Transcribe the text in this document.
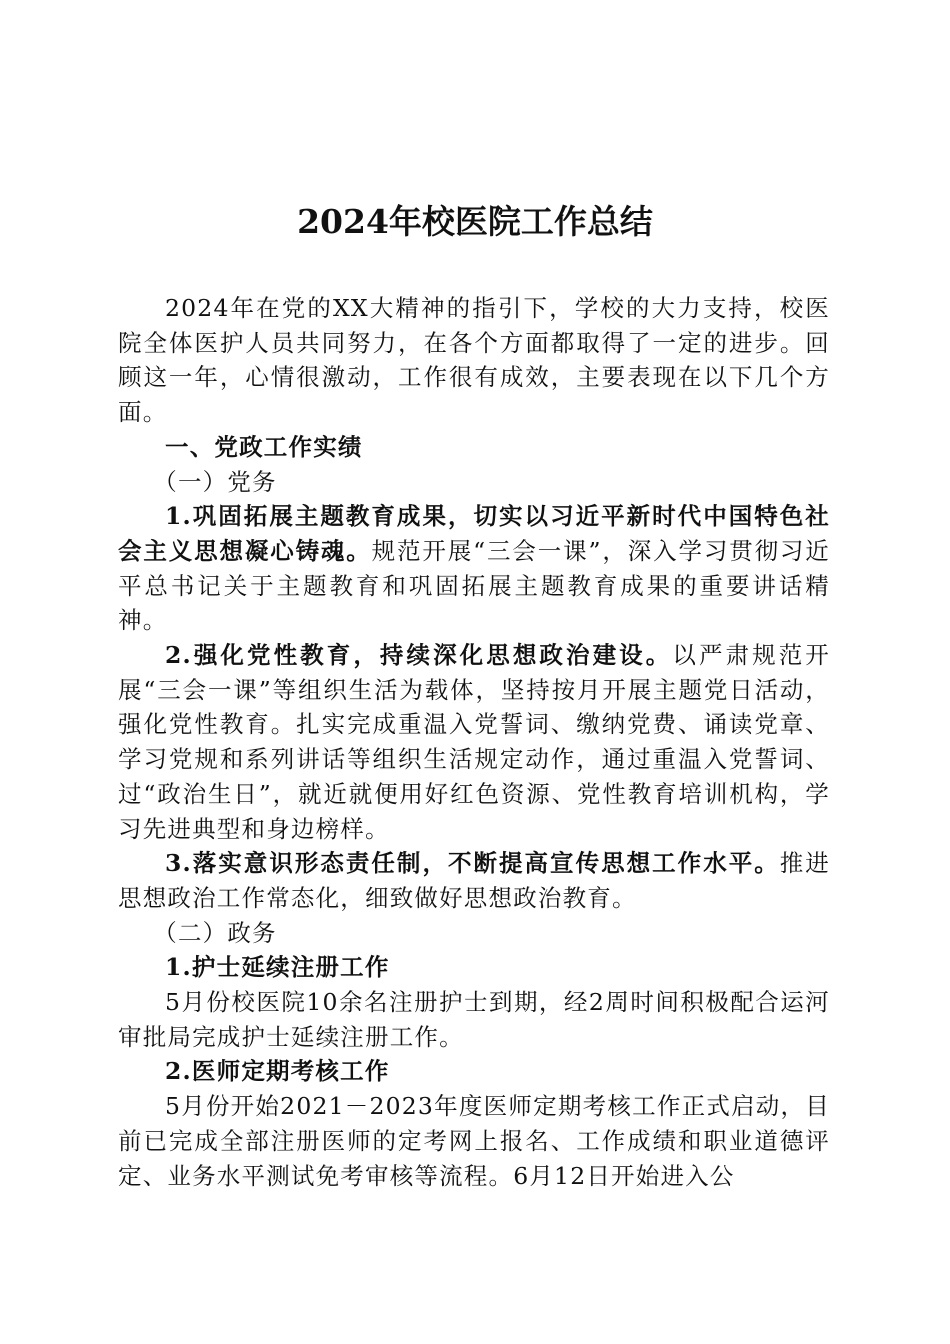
2024年校医院工作总结

2024年在党的XX大精神的指引下，学校的大力支持，校医院全体医护人员共同努力，在各个方面都取得了一定的进步。回顾这一年，心情很激动，工作很有成效，主要表现在以下几个方面。

一、党政工作实绩

（一）党务

1.巩固拓展主题教育成果，切实以习近平新时代中国特色社会主义思想凝心铸魂。规范开展“三会一课”，深入学习贯彻习近平总书记关于主题教育和巩固拓展主题教育成果的重要讲话精神。

2.强化党性教育，持续深化思想政治建设。以严肃规范开展“三会一课”等组织生活为载体，坚持按月开展主题党日活动，强化党性教育。扎实完成重温入党誓词、缴纳党费、诵读党章、学习党规和系列讲话等组织生活规定动作，通过重温入党誓词、过“政治生日”，就近就便用好红色资源、党性教育培训机构，学习先进典型和身边榜样。

3.落实意识形态责任制，不断提高宣传思想工作水平。推进思想政治工作常态化，细致做好思想政治教育。

（二）政务

1.护士延续注册工作

5月份校医院10余名注册护士到期，经2周时间积极配合运河审批局完成护士延续注册工作。

2.医师定期考核工作

5月份开始2021－2023年度医师定期考核工作正式启动，目前已完成全部注册医师的定考网上报名、工作成绩和职业道德评定、业务水平测试免考审核等流程。6月12日开始进入公
